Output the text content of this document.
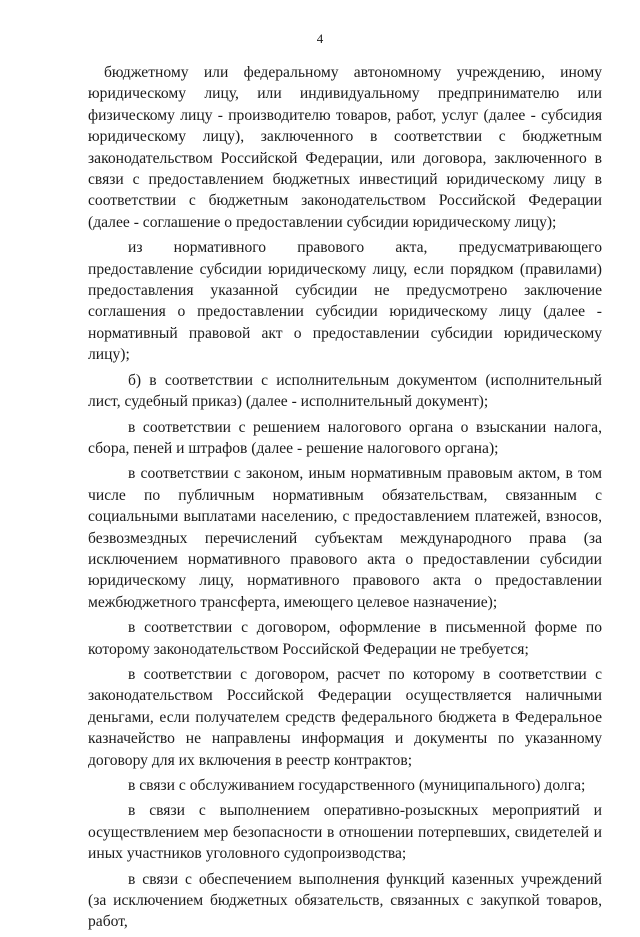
4

бюджетному или федеральному автономному учреждению, иному юридическому лицу, или индивидуальному предпринимателю или физическому лицу - производителю товаров, работ, услуг (далее - субсидия юридическому лицу), заключенного в соответствии с бюджетным законодательством Российской Федерации, или договора, заключенного в связи с предоставлением бюджетных инвестиций юридическому лицу в соответствии с бюджетным законодательством Российской Федерации (далее - соглашение о предоставлении субсидии юридическому лицу);

из нормативного правового акта, предусматривающего предоставление субсидии юридическому лицу, если порядком (правилами) предоставления указанной субсидии не предусмотрено заключение соглашения о предоставлении субсидии юридическому лицу (далее - нормативный правовой акт о предоставлении субсидии юридическому лицу);

б) в соответствии с исполнительным документом (исполнительный лист, судебный приказ) (далее - исполнительный документ);

в соответствии с решением налогового органа о взыскании налога, сбора, пеней и штрафов (далее - решение налогового органа);

в соответствии с законом, иным нормативным правовым актом, в том числе по публичным нормативным обязательствам, связанным с социальными выплатами населению, с предоставлением платежей, взносов, безвозмездных перечислений субъектам международного права (за исключением нормативного правового акта о предоставлении субсидии юридическому лицу, нормативного правового акта о предоставлении межбюджетного трансферта, имеющего целевое назначение);

в соответствии с договором, оформление в письменной форме по которому законодательством Российской Федерации не требуется;

в соответствии с договором, расчет по которому в соответствии с законодательством Российской Федерации осуществляется наличными деньгами, если получателем средств федерального бюджета в Федеральное казначейство не направлены информация и документы по указанному договору для их включения в реестр контрактов;

в связи с обслуживанием государственного (муниципального) долга;

в связи с выполнением оперативно-розыскных мероприятий и осуществлением мер безопасности в отношении потерпевших, свидетелей и иных участников уголовного судопроизводства;

в связи с обеспечением выполнения функций казенных учреждений (за исключением бюджетных обязательств, связанных с закупкой товаров, работ,
